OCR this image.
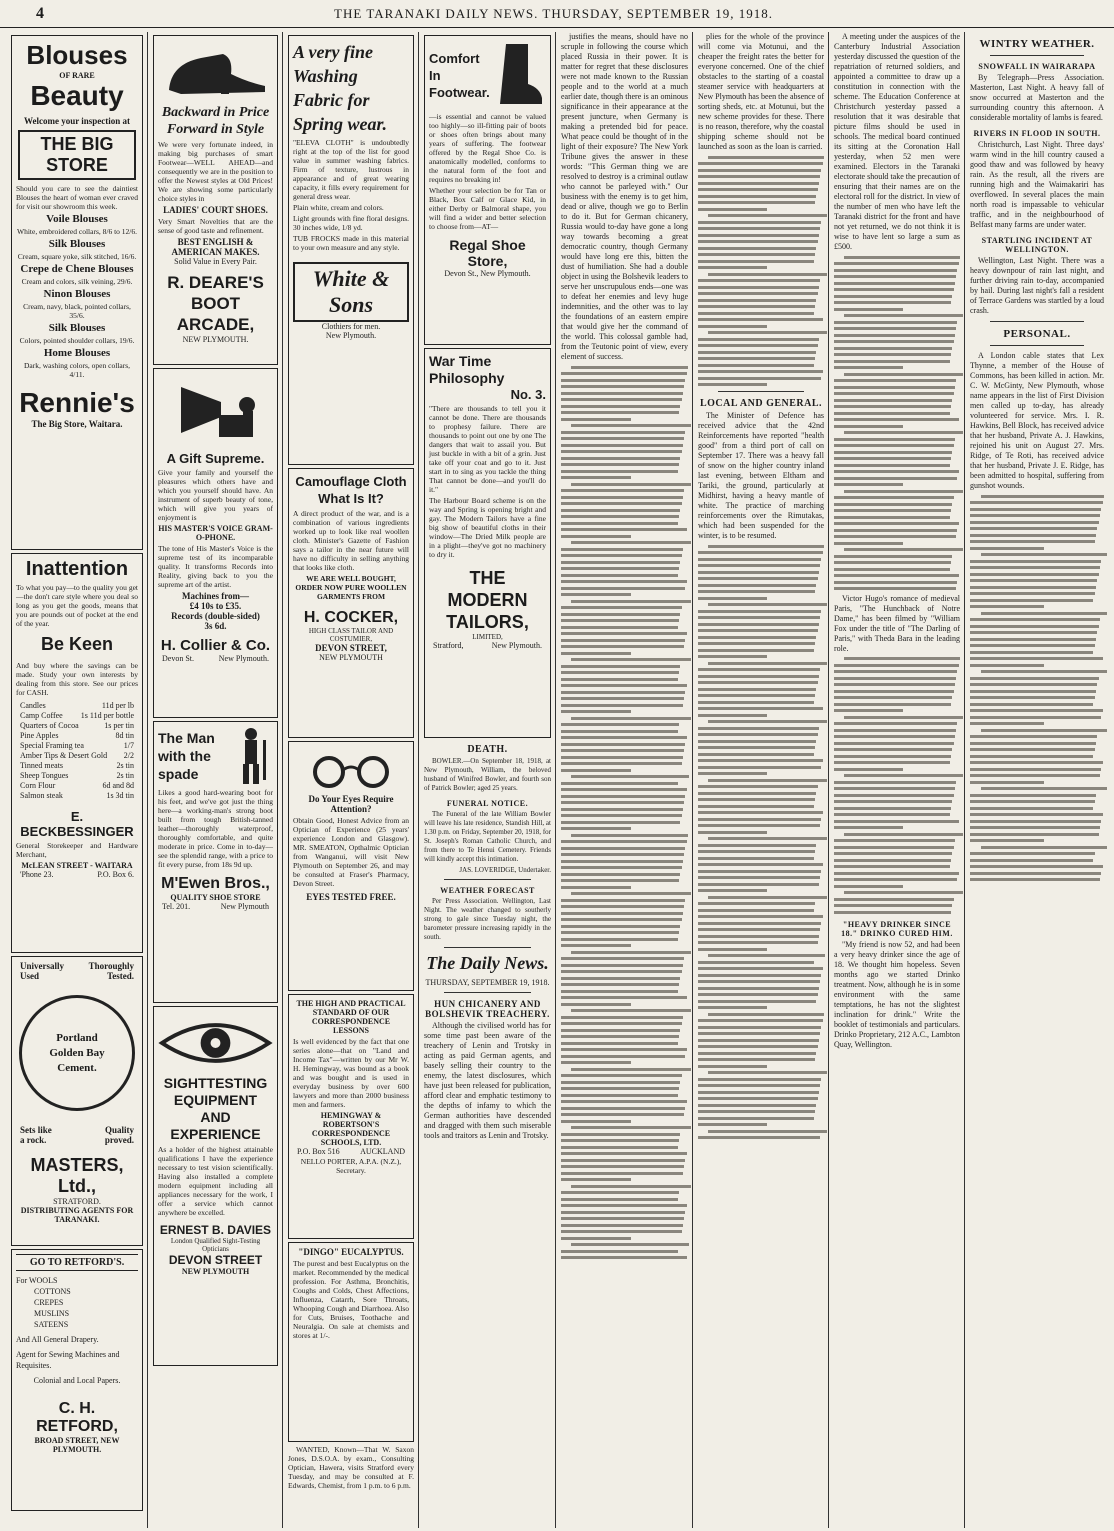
4	THE TARANAKI DAILY NEWS. THURSDAY, SEPTEMBER 19, 1918.
Blouses
OF RARE
Beauty
Welcome your inspection at
THE BIG STORE

Should you care to see the daintiest Blouses the heart of woman ever craved for visit our showroom this week.

Voile Blouses

White, embroidered collars, 8/6 to 12/6.

Silk Blouses

Cream, square yoke, silk stitched, 16/6.

Crepe de Chene Blouses

Cream and colors, silk veining, 29/6.

Ninon Blouses

Cream, navy, black, pointed collars, 35/6.

Silk Blouses

Colors, pointed shoulder collars, 19/6.

Home Blouses

Dark, washing colors, open collars, 4/11.

Rennie's
The Big Store, Waitara.
Inattention

To what you pay—to the quality you get—the don't care style where you deal so long as you get the goods, means that you are pounds out of pocket at the end of the year.

Be Keen

And buy where the savings can be made. Study your own interests by dealing from this store. See our prices for CASH.

Candles	11d per lb
Camp Coffee 1s 11d per bottle
Quarters of Cocoa	1s per tin
Pine Apples	8d tin
Special Framing tea	1/7
Amber Tips & Desert Gold 2/2
Tinned meats	2s tin
Sheep Tongues	2s tin
Corn Flour	6d and 8d
Salmon steak	1s 3d tin
E. BECKBESSINGER

General Storekeeper and Hardware Merchant,

McLEAN STREET - WAITARA
'Phone 23.	P.O. Box 6.
Universally	Thoroughly
Used	Tested.
Portland
Golden Bay
Cement.
Sets like	Quality
a rock.	proved.
MASTERS, Ltd.,
STRATFORD.
DISTRIBUTING AGENTS FOR TARANAKI.
GO TO RETFORD'S.
For WOOLS
COTTONS
CREPES
MUSLINS
SATEENS
And All General Drapery.
Agent for Sewing Machines and Requisites.
Colonial and Local Papers.
C. H. RETFORD,
BROAD STREET, NEW PLYMOUTH.
Backward in Price Forward in Style

We were very fortunate indeed, in making big purchases of smart Footwear—WELL AHEAD—and consequently we are in the position to offer the Newest styles at Old Prices! We are showing some particularly choice styles in

LADIES' COURT SHOES.

Very Smart Novelties that are the sense of good taste and refinement.

BEST ENGLISH & AMERICAN MAKES.
Solid Value in Every Pair.
R. DEARE'S BOOT ARCADE,
NEW PLYMOUTH.
A Gift Supreme.

Give your family and yourself the pleasures which others have and which you yourself should have. An instrument of superb beauty of tone, which will give you years of enjoyment is

HIS MASTER'S VOICE GRAM-O-PHONE.

The tone of His Master's Voice is the supreme test of its incomparable quality. It transforms Records into Reality, giving back to you the supreme art of the artist.

Machines from—
£4 10s to £35.
Records (double-sided)
3s 6d.
H. Collier & Co.
Devon St.	New Plymouth.
The Man with the spade

Likes a good hard-wearing boot for his feet, and we've got just the thing here—a working-man's strong boot built from tough British-tanned leather—thoroughly waterproof, thoroughly comfortable, and quite moderate in price. Come in to-day—see the splendid range, with a price to fit every purse, from 18s 9d up.

M'Ewen Bros.,
QUALITY SHOE STORE
Tel. 201.	New Plymouth
SIGHTTESTING EQUIPMENT AND EXPERIENCE

As a holder of the highest attainable qualifications I have the experience necessary to test vision scientifically. Having also installed a complete modern equipment including all appliances necessary for the work, I offer a service which cannot anywhere be excelled.

ERNEST B. DAVIES
London Qualified Sight-Testing Opticians
DEVON STREET
NEW PLYMOUTH
A very fine Washing Fabric for Spring wear.

"ELEVA CLOTH" is undoubtedly right at the top of the list for good value in summer washing fabrics. Firm of texture, lustrous in appearance and of great wearing capacity, it fills every requirement for general dress wear.

Plain white, cream and colors.

Light grounds with fine floral designs. 30 inches wide, 1/8 yd.

TUB FROCKS made in this material to your own measure and any style.

White & Sons
Clothiers for men.
New Plymouth.
Camouflage Cloth What Is It?

A direct product of the war, and is a combination of various ingredients worked up to look like real woollen cloth. Minister's Gazette of Fashion says a tailor in the near future will have no difficulty in selling anything that looks like cloth.

WE ARE WELL BOUGHT, ORDER NOW PURE WOOLLEN GARMENTS FROM

H. COCKER,
HIGH CLASS TAILOR AND COSTUMIER,
DEVON STREET,
NEW PLYMOUTH
Do Your Eyes Require Attention?

Obtain Good, Honest Advice from an Optician of Experience (25 years' experience London and Glasgow). MR. SMEATON, Opthalmic Optician from Wanganui, will visit New Plymouth on September 26, and may be consulted at Fraser's Pharmacy, Devon Street.

EYES TESTED FREE.
THE HIGH AND PRACTICAL STANDARD OF OUR CORRESPONDENCE LESSONS

Is well evidenced by the fact that one series alone—that on "Land and Income Tax"—written by our Mr W. H. Hemingway, was bound as a book and was bought and is used in everyday business by over 600 lawyers and more than 2000 business men and farmers.

HEMINGWAY & ROBERTSON'S CORRESPONDENCE SCHOOLS, LTD.
P.O. Box 516	AUCKLAND
NELLO PORTER, A.P.A. (N.Z.), Secretary.
"DINGO" EUCALYPTUS.

The purest and best Eucalyptus on the market. Recommended by the medical profession. For Asthma, Bronchitis, Coughs and Colds, Chest Affections, Influenza, Catarrh, Sore Throats, Whooping Cough and Diarrhoea. Also for Cuts, Bruises, Toothache and Neuralgia. On sale at chemists and stores at 1/-.

WANTED, Known—That W. Saxon Jones, D.S.O.A. by exam., Consulting Optician, Hawera, visits Stratford every Tuesday, and may be consulted at F. Edwards, Chemist, from 1 p.m. to 6 p.m.

Comfort In Footwear.

—is essential and cannot be valued too highly—so ill-fitting pair of boots or shoes often brings about many years of suffering. The footwear offered by the Regal Shoe Co. is anatomically modelled, conforms to the natural form of the foot and requires no breaking in!

Whether your selection be for Tan or Black, Box Calf or Glace Kid, in either Derby or Balmoral shape, you will find a wider and better selection to choose from—AT—

Regal Shoe Store,
Devon St., New Plymouth.
War Time Philosophy
No. 3.

"There are thousands to tell you it cannot be done. There are thousands to prophesy failure. There are thousands to point out one by one The dangers that wait to assail you. But just buckle in with a bit of a grin. Just take off your coat and go to it. Just start in to sing as you tackle the thing That cannot be done—and you'll do it."

The Harbour Board scheme is on the way and Spring is opening bright and gay. The Modern Tailors have a fine big show of beautiful cloths in their window—The Dried Milk people are in a plight—they've got no machinery to dry it.

THE MODERN TAILORS,
LIMITED,
Stratford,	New Plymouth.
DEATH.

BOWLER.—On September 18, 1918, at New Plymouth, William, the beloved husband of Winifred Bowler, and fourth son of Patrick Bowler; aged 25 years.

FUNERAL NOTICE.

The Funeral of the late William Bowler will leave his late residence, Standish Hill, at 1.30 p.m. on Friday, September 20, 1918, for St. Joseph's Roman Catholic Church, and from there to Te Henui Cemetery. Friends will kindly accept this intimation.

JAS. LOVERIDGE, Undertaker.
WEATHER FORECAST

Per Press Association. Wellington, Last Night. The weather changed to southerly strong to gale since Tuesday night, the barometer pressure increasing rapidly in the south.

The Daily News.
THURSDAY, SEPTEMBER 19, 1918.
HUN CHICANERY AND BOLSHEVIK TREACHERY.

Although the civilised world has for some time past been aware of the treachery of Lenin and Trotsky in acting as paid German agents, and basely selling their country to the enemy, the latest disclosures, which have just been released for publication, afford clear and emphatic testimony to the depths of infamy to which the German authorities have descended and dragged with them such miserable tools and traitors as Lenin and Trotsky.

justifies the means, should have no scruple in following the course which placed Russia in their power. It is matter for regret that these disclosures were not made known to the Russian people and to the world at a much earlier date, though there is an ominous significance in their appearance at the present juncture, when Germany is making a pretended bid for peace. What peace could be thought of in the light of their exposure? The New York Tribune gives the answer in these words: "This German thing we are resolved to destroy is a criminal outlaw who cannot be parleyed with." Our business with the enemy is to get him, dead or alive, though we go to Berlin to do it. But for German chicanery, Russia would to-day have gone a long way towards becoming a great democratic country, though Germany would have long ere this, bitten the dust of humiliation. She had a double object in using the Bolshevik leaders to serve her unscrupulous ends—one was to defeat her enemies and levy huge indemnities, and the other was to lay the foundations of an eastern empire that would give her the command of the world. This colossal gamble had, from the Teutonic point of view, every element of success.

plies for the whole of the province will come via Motunui, and the cheaper the freight rates the better for everyone concerned. One of the chief obstacles to the starting of a coastal steamer service with headquarters at New Plymouth has been the absence of sorting sheds, etc. at Motunui, but the new scheme provides for these. There is no reason, therefore, why the coastal shipping scheme should not be launched as soon as the loan is carried.

LOCAL AND GENERAL.

The Minister of Defence has received advice that the 42nd Reinforcements have reported "health good" from a third port of call on September 17. There was a heavy fall of snow on the higher country inland last evening, between Eltham and Tariki, the ground, particularly at Midhirst, having a heavy mantle of white. The practice of marching reinforcements over the Rimutakas, which had been suspended for the winter, is to be resumed.

A meeting under the auspices of the Canterbury Industrial Association yesterday discussed the question of the repatriation of returned soldiers, and appointed a committee to draw up a constitution in connection with the scheme. The Education Conference at Christchurch yesterday passed a resolution that it was desirable that picture films should be used in schools. The medical board continued its sitting at the Coronation Hall yesterday, when 52 men were examined. Electors in the Taranaki electorate should take the precaution of ensuring that their names are on the electoral roll for the district. In view of the number of men who have left the Taranaki district for the front and have not yet returned, we do not think it is wise to have lent so large a sum as £500.

Victor Hugo's romance of medieval Paris, "The Hunchback of Notre Dame," has been filmed by "William Fox under the title of "The Darling of Paris," with Theda Bara in the leading role.

"HEAVY DRINKER SINCE 18." DRINKO CURED HIM.

"My friend is now 52, and had been a very heavy drinker since the age of 18. We thought him hopeless. Seven months ago we started Drinko treatment. Now, although he is in some environment with the same temptations, he has not the slightest inclination for drink." Write the booklet of testimonials and particulars. Drinko Proprietary, 212 A.C., Lambton Quay, Wellington.

WINTRY WEATHER.
SNOWFALL IN WAIRARAPA

By Telegraph—Press Association. Masterton, Last Night. A heavy fall of snow occurred at Masterton and the surrounding country this afternoon. A considerable mortality of lambs is feared.

RIVERS IN FLOOD IN SOUTH.

Christchurch, Last Night. Three days' warm wind in the hill country caused a good thaw and was followed by heavy rain. As the result, all the rivers are running high and the Waimakariri has overflowed. In several places the main north road is impassable to vehicular traffic, and in the neighbourhood of Belfast many farms are under water.

STARTLING INCIDENT AT WELLINGTON.

Wellington, Last Night. There was a heavy downpour of rain last night, and further driving rain to-day, accompanied by hail. During last night's fall a resident of Terrace Gardens was startled by a loud crash.

PERSONAL.

A London cable states that Lex Thynne, a member of the House of Commons, has been killed in action. Mr. C. W. McGinty, New Plymouth, whose name appears in the list of First Division men called up to-day, has already volunteered for service. Mrs. I. R. Hawkins, Bell Block, has received advice that her husband, Private A. J. Hawkins, rejoined his unit on August 27. Mrs. Ridge, of Te Roti, has received advice that her husband, Private J. E. Ridge, has been admitted to hospital, suffering from gunshot wounds.
